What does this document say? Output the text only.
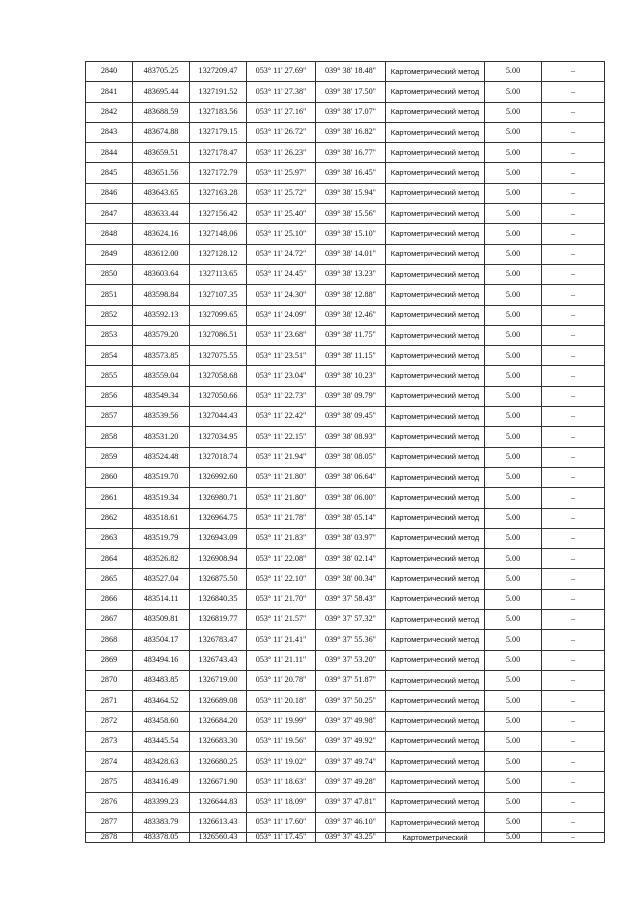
2840	483705.25	1327209.47	053° 11' 27.69"	039° 38' 18.48"	Картометрический метод	5.00	–
2841	483695.44	1327191.52	053° 11' 27.38"	039° 38' 17.50"	Картометрический метод	5.00	–
2842	483688.59	1327183.56	053° 11' 27.16"	039° 38' 17.07"	Картометрический метод	5.00	–
2843	483674.88	1327179.15	053° 11' 26.72"	039° 38' 16.82"	Картометрический метод	5.00	–
2844	483659.51	1327178.47	053° 11' 26.23"	039° 38' 16.77"	Картометрический метод	5.00	–
2845	483651.56	1327172.79	053° 11' 25.97"	039° 38' 16.45"	Картометрический метод	5.00	–
2846	483643.65	1327163.28	053° 11' 25.72"	039° 38' 15.94"	Картометрический метод	5.00	–
2847	483633.44	1327156.42	053° 11' 25.40"	039° 38' 15.56"	Картометрический метод	5.00	–
2848	483624.16	1327148.06	053° 11' 25.10"	039° 38' 15.10"	Картометрический метод	5.00	–
2849	483612.00	1327128.12	053° 11' 24.72"	039° 38' 14.01"	Картометрический метод	5.00	–
2850	483603.64	1327113.65	053° 11' 24.45"	039° 38' 13.23"	Картометрический метод	5.00	–
2851	483598.84	1327107.35	053° 11' 24.30"	039° 38' 12.88"	Картометрический метод	5.00	–
2852	483592.13	1327099.65	053° 11' 24.09"	039° 38' 12.46"	Картометрический метод	5.00	–
2853	483579.20	1327086.51	053° 11' 23.68"	039° 38' 11.75"	Картометрический метод	5.00	–
2854	483573.85	1327075.55	053° 11' 23.51"	039° 38' 11.15"	Картометрический метод	5.00	–
2855	483559.04	1327058.68	053° 11' 23.04"	039° 38' 10.23"	Картометрический метод	5.00	–
2856	483549.34	1327050.66	053° 11' 22.73"	039° 38' 09.79"	Картометрический метод	5.00	–
2857	483539.56	1327044.43	053° 11' 22.42"	039° 38' 09.45"	Картометрический метод	5.00	–
2858	483531.20	1327034.95	053° 11' 22.15"	039° 38' 08.93"	Картометрический метод	5.00	–
2859	483524.48	1327018.74	053° 11' 21.94"	039° 38' 08.05"	Картометрический метод	5.00	–
2860	483519.70	1326992.60	053° 11' 21.80"	039° 38' 06.64"	Картометрический метод	5.00	–
2861	483519.34	1326980.71	053° 11' 21.80"	039° 38' 06.00"	Картометрический метод	5.00	–
2862	483518.61	1326964.75	053° 11' 21.78"	039° 38' 05.14"	Картометрический метод	5.00	–
2863	483519.79	1326943.09	053° 11' 21.83"	039° 38' 03.97"	Картометрический метод	5.00	–
2864	483526.82	1326908.94	053° 11' 22.08"	039° 38' 02.14"	Картометрический метод	5.00	–
2865	483527.04	1326875.50	053° 11' 22.10"	039° 38' 00.34"	Картометрический метод	5.00	–
2866	483514.11	1326840.35	053° 11' 21.70"	039° 37' 58.43"	Картометрический метод	5.00	–
2867	483509.81	1326819.77	053° 11' 21.57"	039° 37' 57.32"	Картометрический метод	5.00	–
2868	483504.17	1326783.47	053° 11' 21.41"	039° 37' 55.36"	Картометрический метод	5.00	–
2869	483494.16	1326743.43	053° 11' 21.11"	039° 37' 53.20"	Картометрический метод	5.00	–
2870	483483.85	1326719.00	053° 11' 20.78"	039° 37' 51.87"	Картометрический метод	5.00	–
2871	483464.52	1326689.08	053° 11' 20.18"	039° 37' 50.25"	Картометрический метод	5.00	–
2872	483458.60	1326684.20	053° 11' 19.99"	039° 37' 49.98"	Картометрический метод	5.00	–
2873	483445.54	1326683.30	053° 11' 19.56"	039° 37' 49.92"	Картометрический метод	5.00	–
2874	483428.63	1326680.25	053° 11' 19.02"	039° 37' 49.74"	Картометрический метод	5.00	–
2875	483416.49	1326671.90	053° 11' 18.63"	039° 37' 49.28"	Картометрический метод	5.00	–
2876	483399.23	1326644.83	053° 11' 18.09"	039° 37' 47.81"	Картометрический метод	5.00	–
2877	483383.79	1326613.43	053° 11' 17.60"	039° 37' 46.10"	Картометрический метод	5.00	–
2878	483378.05	1326560.43	053° 11' 17.45"	039° 37' 43.25"	Картометрический	5.00	–
